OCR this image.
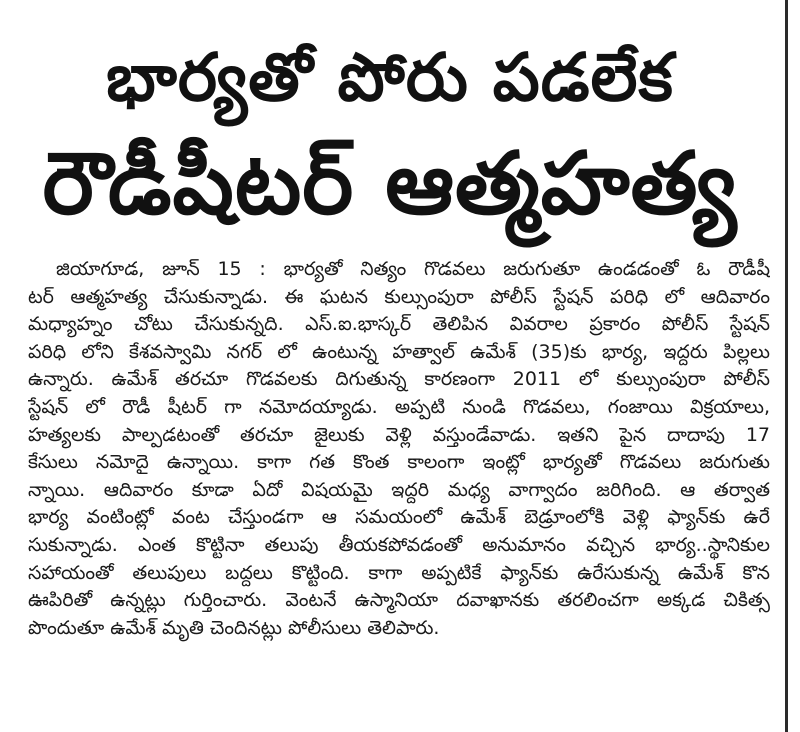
భార్యతో పోరు పడలేక
రౌడీషీటర్ ఆత్మహత్య
జియాగూడ, జూన్ 15 : భార్యతో నిత్యం గొడవలు జరుగుతూ ఉండడంతో ఓ రౌడీషీ
టర్ ఆత్మహత్య చేసుకున్నాడు. ఈ ఘటన కుల్సుంపురా పోలీస్ స్టేషన్ పరిధి లో ఆదివారం
మధ్యాహ్నం చోటు చేసుకున్నది. ఎస్.ఐ.భాస్కర్ తెలిపిన వివరాల ప్రకారం పోలీస్ స్టేషన్
పరిధి లోని కేశవస్వామి నగర్ లో ఉంటున్న హత్వాల్ ఉమేశ్ (35)కు భార్య, ఇద్దరు పిల్లలు
ఉన్నారు. ఉమేశ్ తరచూ గొడవలకు దిగుతున్న కారణంగా 2011 లో కుల్సుంపురా పోలీస్
స్టేషన్ లో రౌడీ షీటర్ గా నమోదయ్యాడు. అప్పటి నుండి గొడవలు, గంజాయి విక్రయాలు,
హత్యలకు పాల్పడటంతో తరచూ జైలుకు వెళ్లి వస్తుండేవాడు. ఇతని పైన దాదాపు 17
కేసులు నమోదై ఉన్నాయి. కాగా గత కొంత కాలంగా ఇంట్లో భార్యతో గొడవలు జరుగుతు
న్నాయి. ఆదివారం కూడా ఏదో విషయమై ఇద్దరి మధ్య వాగ్వాదం జరిగింది. ఆ తర్వాత
భార్య వంటింట్లో వంట చేస్తుండగా ఆ సమయంలో ఉమేశ్ బెడ్రూంలోకి వెళ్లి ఫ్యాన్‌కు ఉరే
సుకున్నాడు. ఎంత కొట్టినా తలుపు తీయకపోవడంతో అనుమానం వచ్చిన భార్య..స్థానికుల
సహాయంతో తలుపులు బద్దలు కొట్టింది. కాగా అప్పటికే ఫ్యాన్‌కు ఉరేసుకున్న ఉమేశ్ కొన
ఊపిరితో ఉన్నట్లు గుర్తించారు. వెంటనే ఉస్మానియా దవాఖానకు తరలించగా అక్కడ చికిత్స
పొందుతూ ఉమేశ్ మృతి చెందినట్లు పోలీసులు తెలిపారు.
